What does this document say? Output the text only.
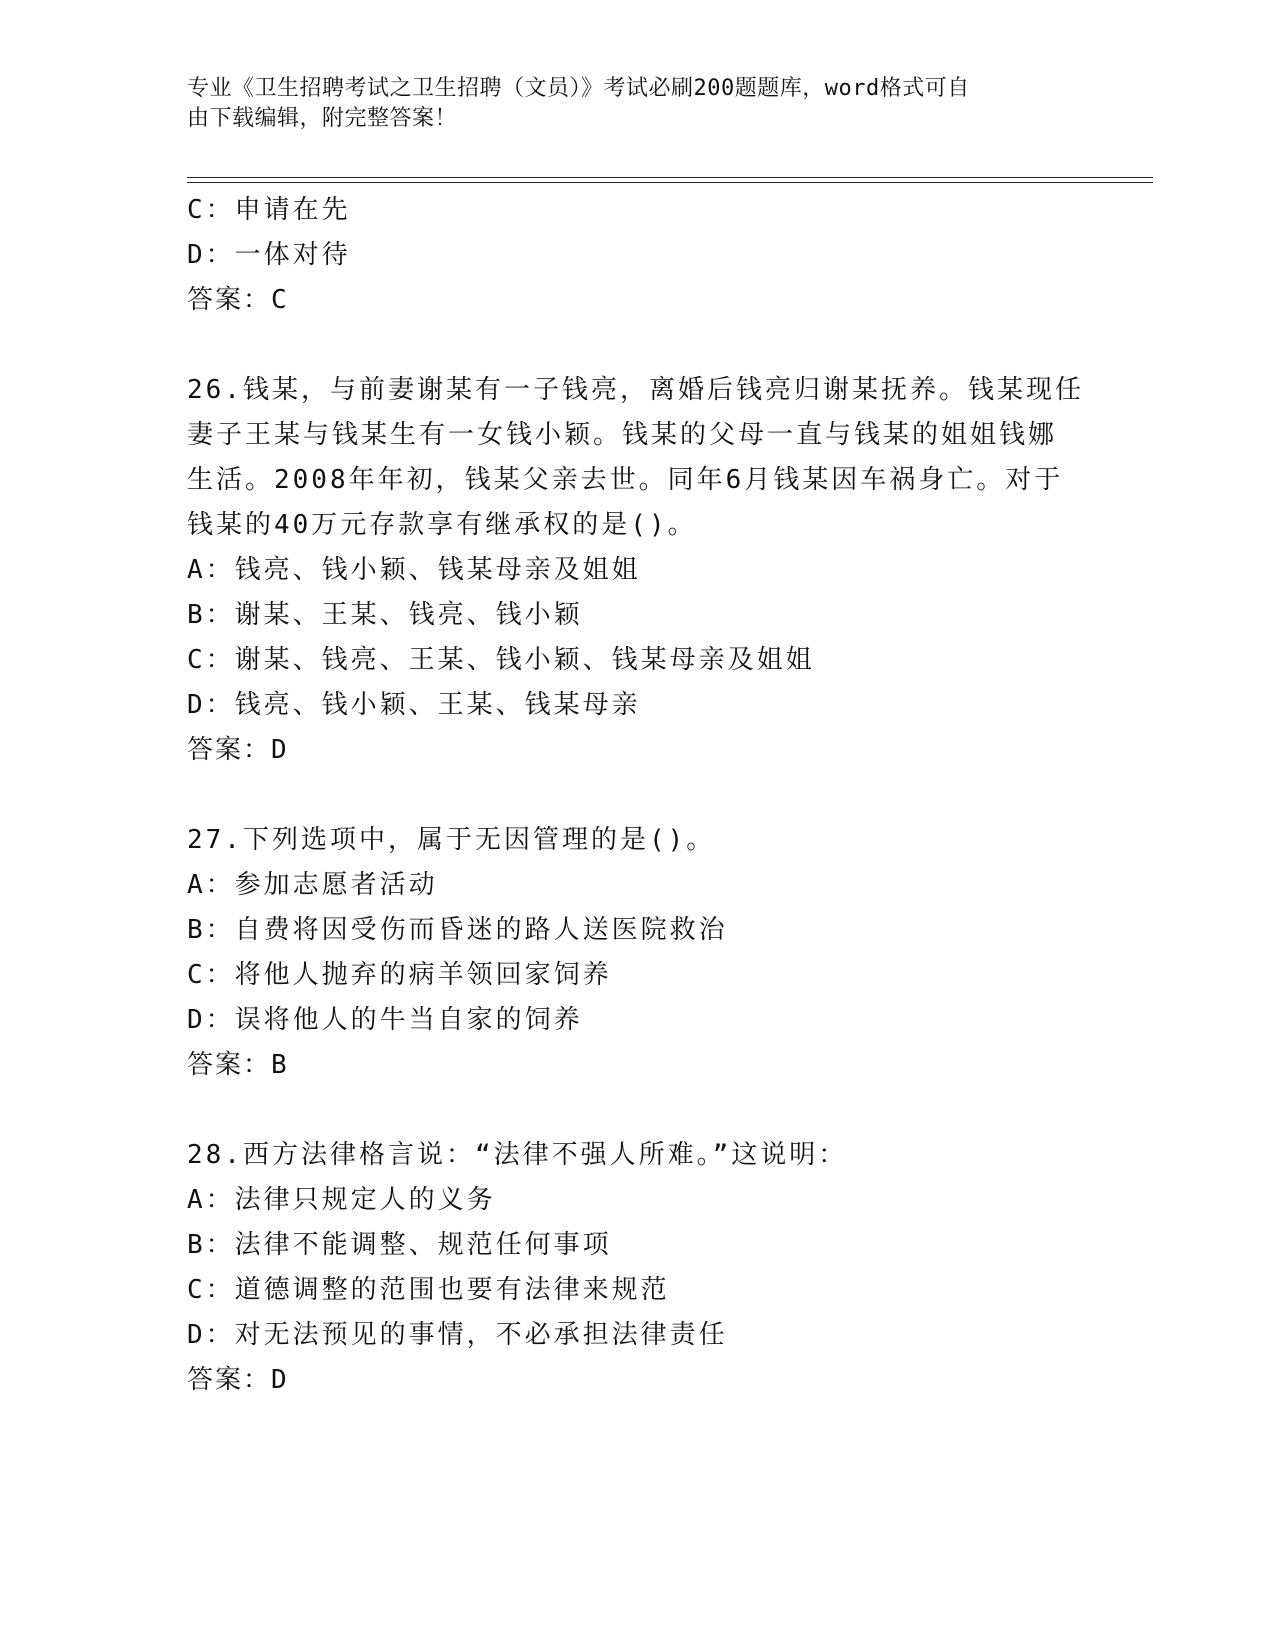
专业《卫生招聘考试之卫生招聘（文员）》考试必刷200题题库，word格式可自
由下载编辑，附完整答案！
C：申请在先
D：一体对待
答案：C
26.钱某，与前妻谢某有一子钱亮，离婚后钱亮归谢某抚养。钱某现任
妻子王某与钱某生有一女钱小颖。钱某的父母一直与钱某的姐姐钱娜
生活。2008年年初，钱某父亲去世。同年6月钱某因车祸身亡。对于
钱某的40万元存款享有继承权的是()。
A：钱亮、钱小颖、钱某母亲及姐姐
B：谢某、王某、钱亮、钱小颖
C：谢某、钱亮、王某、钱小颖、钱某母亲及姐姐
D：钱亮、钱小颖、王某、钱某母亲
答案：D
27.下列选项中，属于无因管理的是()。
A：参加志愿者活动
B：自费将因受伤而昏迷的路人送医院救治
C：将他人抛弃的病羊领回家饲养
D：误将他人的牛当自家的饲养
答案：B
28.西方法律格言说：“法律不强人所难。”这说明：
A：法律只规定人的义务
B：法律不能调整、规范任何事项
C：道德调整的范围也要有法律来规范
D：对无法预见的事情，不必承担法律责任
答案：D
